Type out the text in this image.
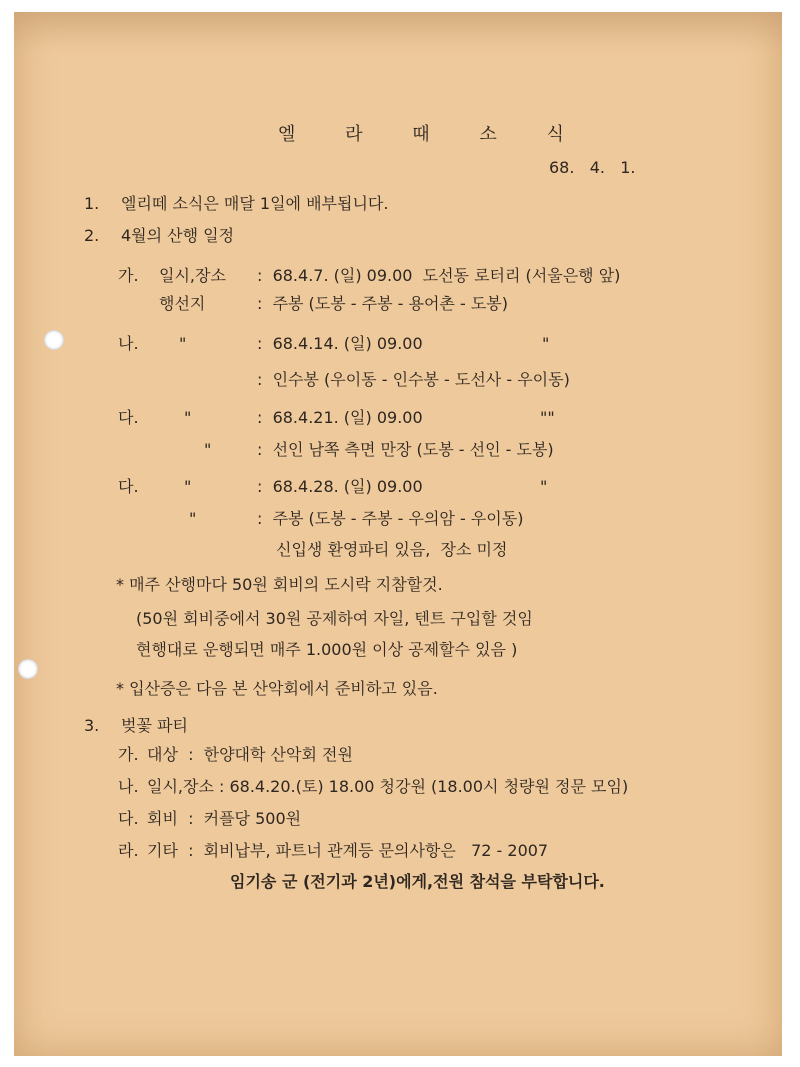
엘 라 때 소 식

68.   4.   1.

1. 엘리떼 소식은 매달 1일에 배부됩니다.

2. 4월의 산행 일정

가. 일시,장소 :  68.4.7. (일) 09.00  도선동 로터리 (서울은행 앞)

행선지	:  주봉 (도봉 - 주봉 - 용어촌 - 도봉)

나.	"	:  68.4.14. (일) 09.00	"

:  인수봉 (우이동 - 인수봉 - 도선사 - 우이동)

다.	"	:  68.4.21. (일) 09.00	""

"	:  선인 남쪽 측면 만장 (도봉 - 선인 - 도봉)

다.	"	:  68.4.28. (일) 09.00	"

"	:  주봉 (도봉 - 주봉 - 우의암 - 우이동)

신입생 환영파티 있음,  장소 미정

* 매주 산행마다 50원 회비의 도시락 지참할것.

(50원 회비중에서 30원 공제하여 자일, 텐트 구입할 것임

현행대로 운행되면 매주 1.000원 이상 공제할수 있음 )

* 입산증은 다음 본 산악회에서 준비하고 있음.

3. 벚꽃 파티

가. 대상  :  한양대학 산악회 전원

나. 일시,장소 : 68.4.20.(토) 18.00 청강원 (18.00시 청량원 정문 모임)

다. 회비  :  커플당 500원

라. 기타  :  회비납부, 파트너 관계등 문의사항은   72 - 2007

임기송 군 (전기과 2년)에게,전원 참석을 부탁합니다.
